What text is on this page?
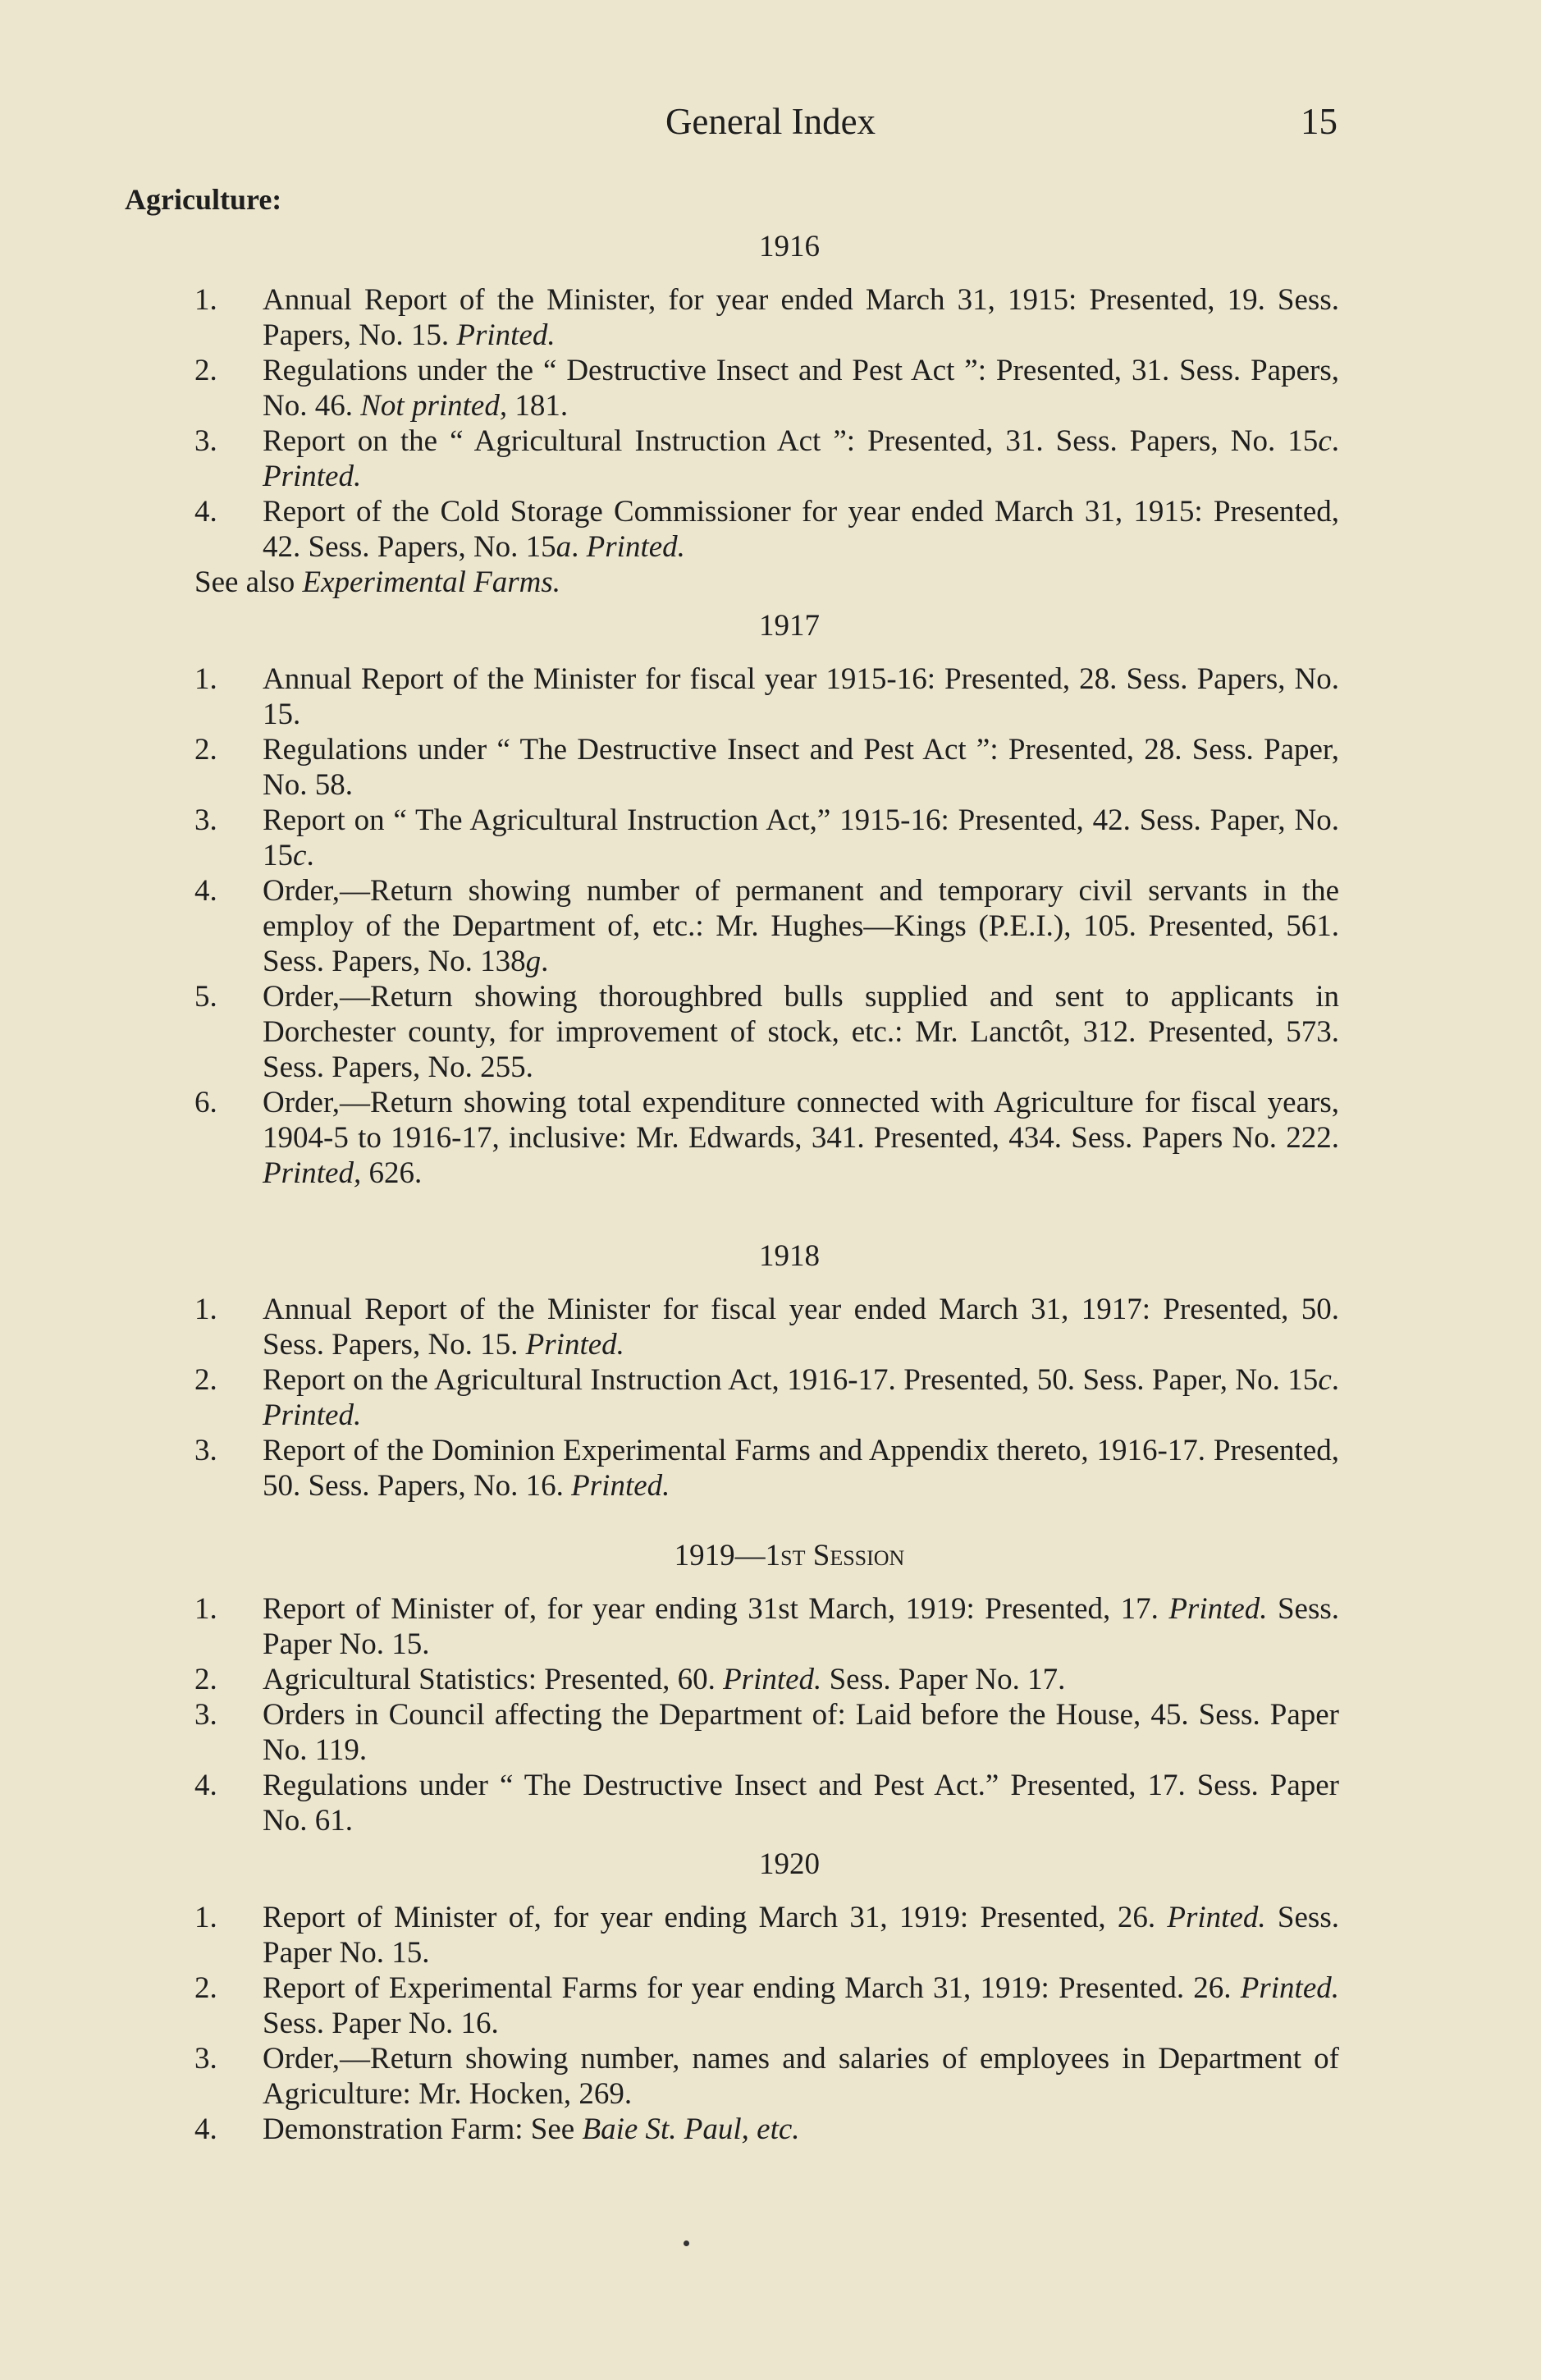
General Index	15
Agriculture:
1916
1. Annual Report of the Minister, for year ended March 31, 1915: Presented, 19. Sess. Papers, No. 15. Printed.
2. Regulations under the “ Destructive Insect and Pest Act ”: Presented, 31. Sess. Papers, No. 46. Not printed, 181.
3. Report on the “ Agricultural Instruction Act ”: Presented, 31. Sess. Papers, No. 15c. Printed.
4. Report of the Cold Storage Commissioner for year ended March 31, 1915: Presented, 42. Sess. Papers, No. 15a. Printed.
See also Experimental Farms.
1917
1. Annual Report of the Minister for fiscal year 1915-16: Presented, 28. Sess. Papers, No. 15.
2. Regulations under “ The Destructive Insect and Pest Act ”: Presented, 28. Sess. Paper, No. 58.
3. Report on “ The Agricultural Instruction Act,” 1915-16: Presented, 42. Sess. Paper, No. 15c.
4. Order,—Return showing number of permanent and temporary civil servants in the employ of the Department of, etc.: Mr. Hughes—Kings (P.E.I.), 105. Presented, 561. Sess. Papers, No. 138g.
5. Order,—Return showing thoroughbred bulls supplied and sent to applicants in Dorchester county, for improvement of stock, etc.: Mr. Lanctôt, 312. Presented, 573. Sess. Papers, No. 255.
6. Order,—Return showing total expenditure connected with Agriculture for fiscal years, 1904-5 to 1916-17, inclusive: Mr. Edwards, 341. Presented, 434. Sess. Papers No. 222. Printed, 626.
1918
1. Annual Report of the Minister for fiscal year ended March 31, 1917: Presented, 50. Sess. Papers, No. 15. Printed.
2. Report on the Agricultural Instruction Act, 1916-17. Presented, 50. Sess. Paper, No. 15c. Printed.
3. Report of the Dominion Experimental Farms and Appendix thereto, 1916-17. Presented, 50. Sess. Papers, No. 16. Printed.
1919—1st Session
1. Report of Minister of, for year ending 31st March, 1919: Presented, 17. Printed. Sess. Paper No. 15.
2. Agricultural Statistics: Presented, 60. Printed. Sess. Paper No. 17.
3. Orders in Council affecting the Department of: Laid before the House, 45. Sess. Paper No. 119.
4. Regulations under “ The Destructive Insect and Pest Act.” Presented, 17. Sess. Paper No. 61.
1920
1. Report of Minister of, for year ending March 31, 1919: Presented, 26. Printed. Sess. Paper No. 15.
2. Report of Experimental Farms for year ending March 31, 1919: Presented. 26. Printed. Sess. Paper No. 16.
3. Order,—Return showing number, names and salaries of employees in Department of Agriculture: Mr. Hocken, 269.
4. Demonstration Farm: See Baie St. Paul, etc.
